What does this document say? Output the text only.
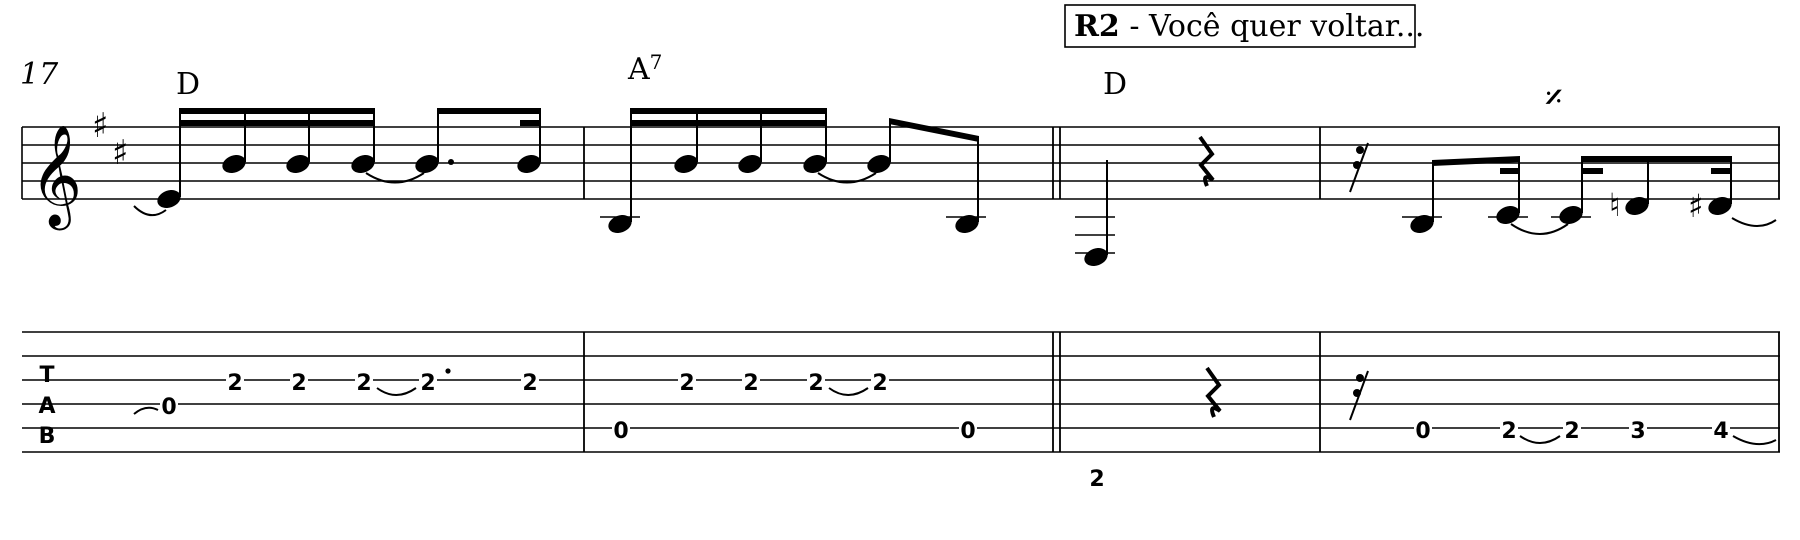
17
𝄞 ♯
♯
D	$A^7$
D
R2 - Você quer voltar...
𝄎
♮ ♯
T
A
B
0
2 2 2 2	2
0
2 2 2 2
0
2
0	2 2 3	4
